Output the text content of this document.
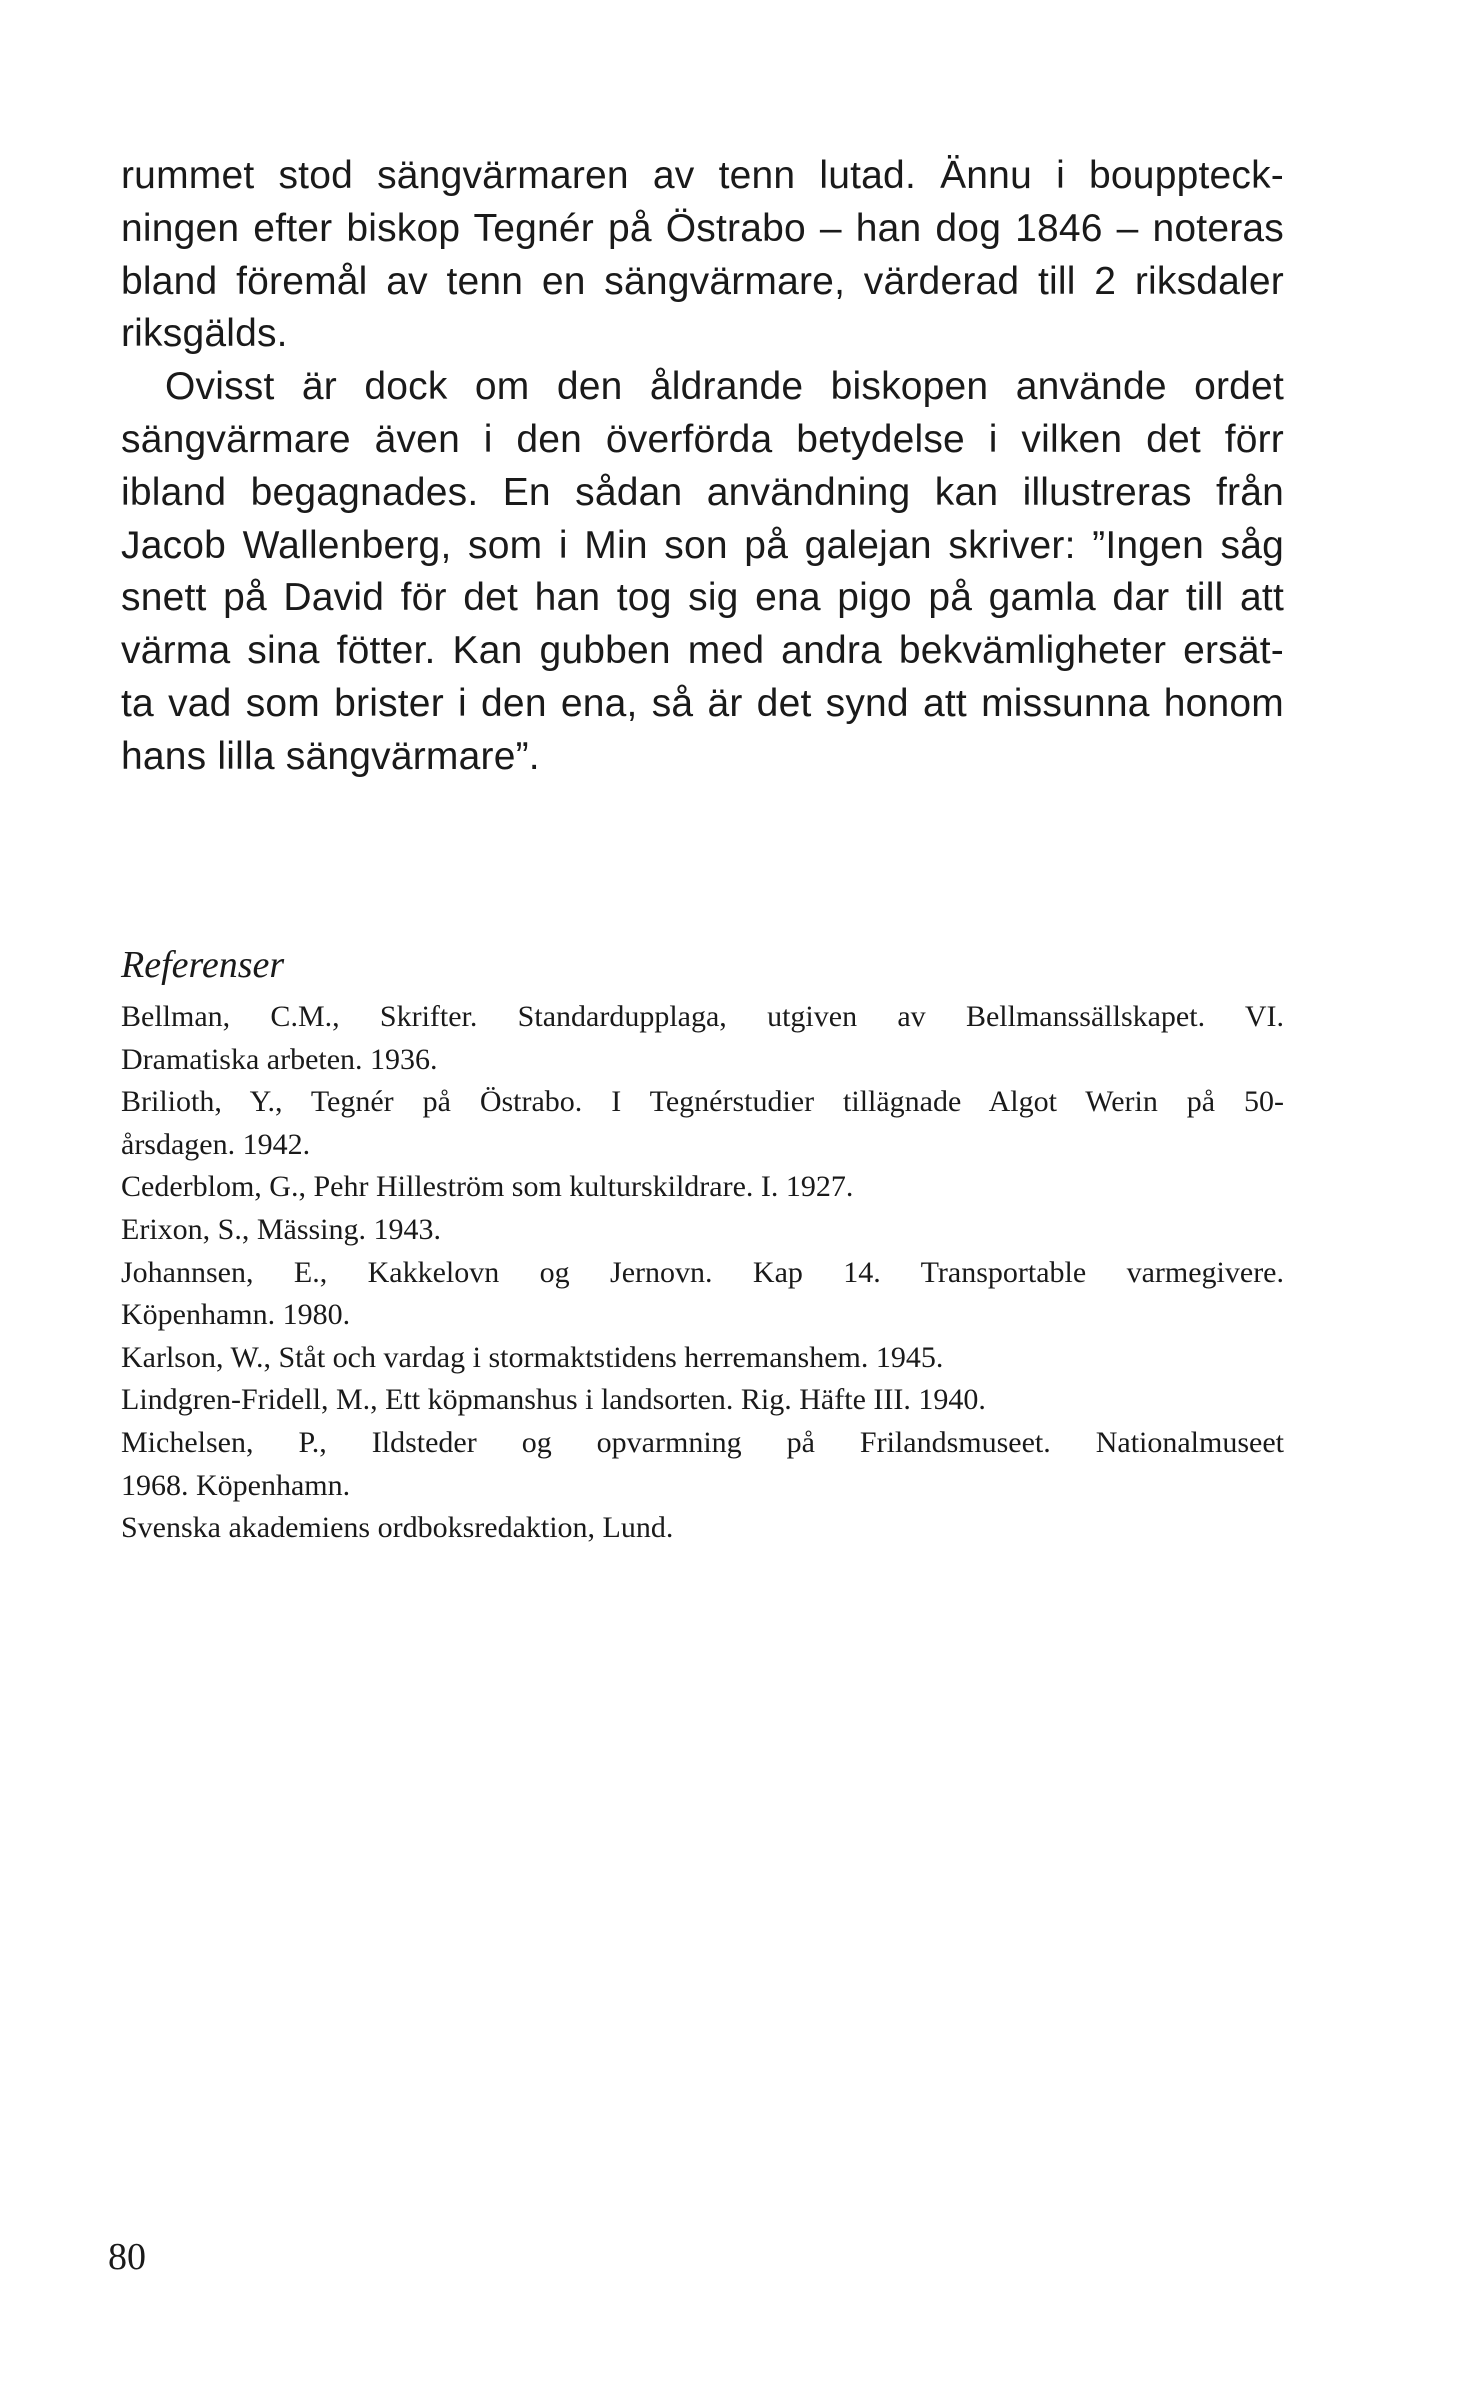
rummet stod sängvärmaren av tenn lutad. Ännu i bouppteck-
ningen efter biskop Tegnér på Östrabo – han dog 1846 – noteras
bland föremål av tenn en sängvärmare, värderad till 2 riksdaler
riksgälds.
Ovisst är dock om den åldrande biskopen använde ordet
sängvärmare även i den överförda betydelse i vilken det förr
ibland begagnades. En sådan användning kan illustreras från
Jacob Wallenberg, som i Min son på galejan skriver: ”Ingen såg
snett på David för det han tog sig ena pigo på gamla dar till att
värma sina fötter. Kan gubben med andra bekvämligheter ersät-
ta vad som brister i den ena, så är det synd att missunna honom
hans lilla sängvärmare”.
Referenser
Bellman, C.M., Skrifter. Standardupplaga, utgiven av Bellmanssällskapet. VI.
Dramatiska arbeten. 1936.
Brilioth, Y., Tegnér på Östrabo. I Tegnérstudier tillägnade Algot Werin på 50-
årsdagen. 1942.
Cederblom, G., Pehr Hilleström som kulturskildrare. I. 1927.
Erixon, S., Mässing. 1943.
Johannsen, E., Kakkelovn og Jernovn. Kap 14. Transportable varmegivere.
Köpenhamn. 1980.
Karlson, W., Ståt och vardag i stormaktstidens herremanshem. 1945.
Lindgren-Fridell, M., Ett köpmanshus i landsorten. Rig. Häfte III. 1940.
Michelsen, P., Ildsteder og opvarmning på Frilandsmuseet. Nationalmuseet
1968. Köpenhamn.
Svenska akademiens ordboksredaktion, Lund.
80
